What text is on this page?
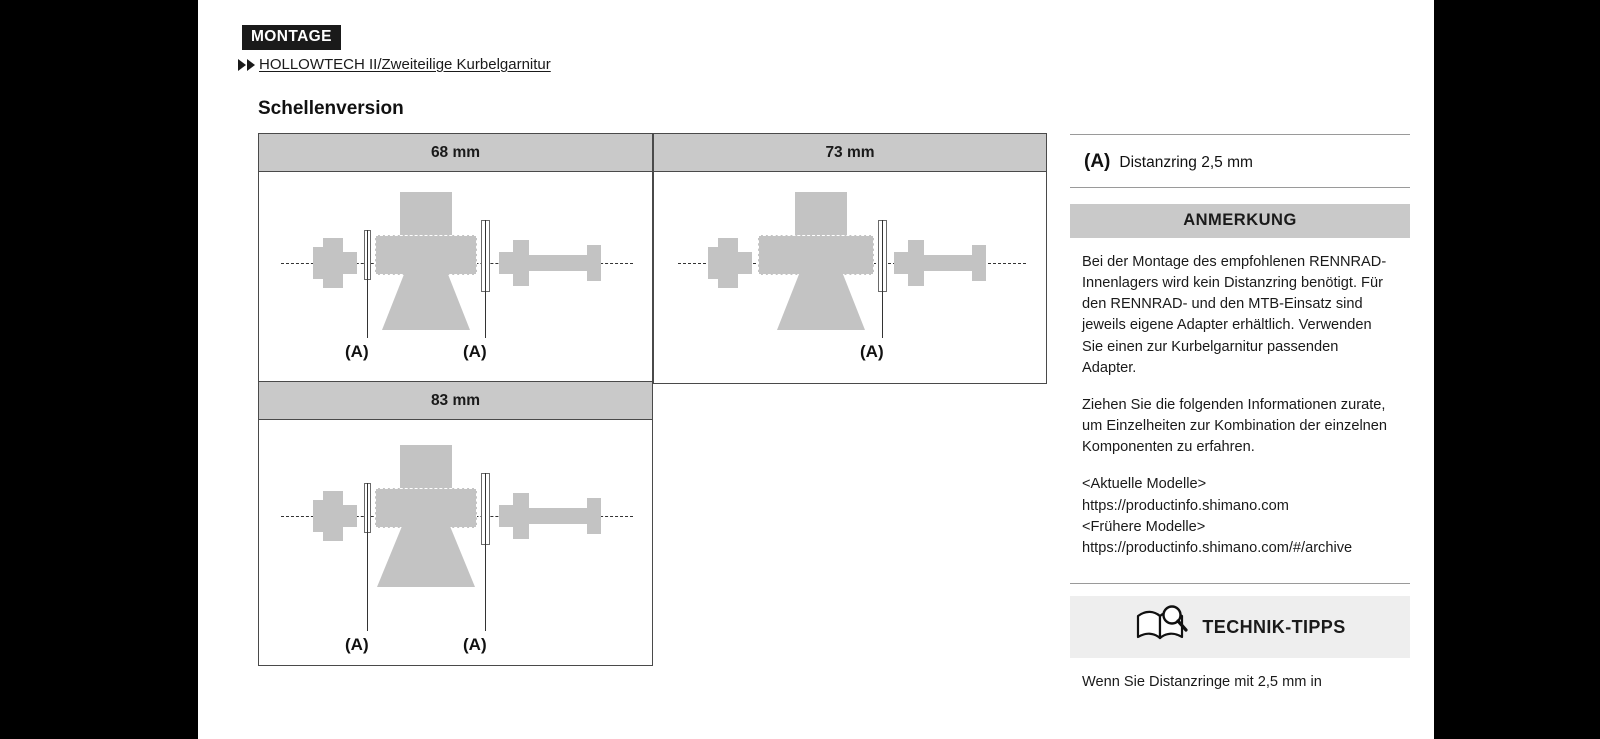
MONTAGE
HOLLOWTECH II/Zweiteilige Kurbelgarnitur
Schellenversion
68 mm
(A)	(A)
73 mm
(A)
83 mm
(A)	(A)
(A) Distanzring 2,5 mm
ANMERKUNG

Bei der Montage des empfohlenen RENNRAD-Innenlagers wird kein Distanzring benötigt. Für den RENNRAD- und den MTB-Einsatz sind jeweils eigene Adapter erhältlich. Verwenden Sie einen zur Kurbelgarnitur passenden Adapter.

Ziehen Sie die folgenden Informationen zurate, um Einzelheiten zur Kombination der einzelnen Komponenten zu erfahren.

<Aktuelle Modelle>
https://productinfo.shimano.com
<Frühere Modelle>
https://productinfo.shimano.com/#/archive
TECHNIK-TIPPS
Wenn Sie Distanzringe mit 2,5 mm in
